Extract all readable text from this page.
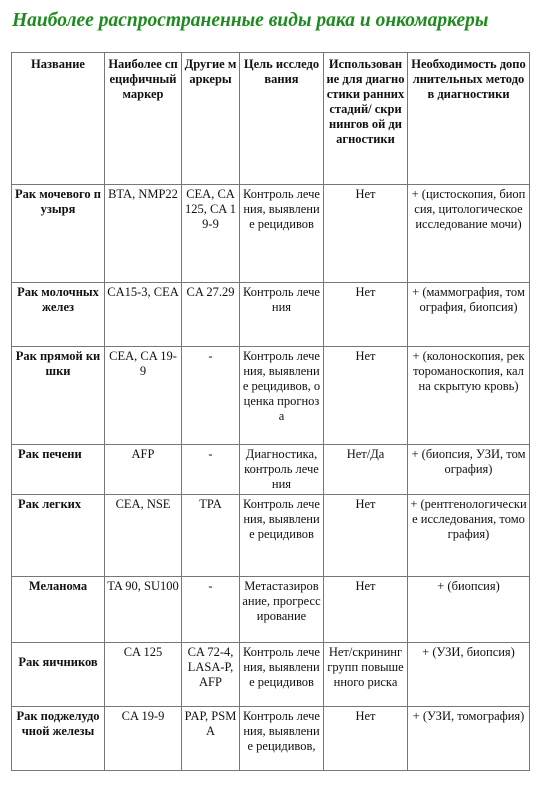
Наиболее распространенные виды рака и онкомаркеры
Название	Наиболее специфичный маркер	Другие маркеры	Цель исследования	Использование для диагностики ранних стадий/ скринингов ой диагностики	Необходимость дополнительных методов диагностики
Рак мочевого пузыря	BTA, NMP22	CEA, CA 125, CA 19-9	Контроль лечения, выявление рецидивов	Нет	+ (цистоскопия, биопсия, цитологическое исследование мочи)
Рак молочных желез	CA15-3, CEA	CA 27.29	Контроль лечения	Нет	+ (маммография, томография, биопсия)
Рак прямой кишки	CEA, CA 19-9	-	Контроль лечения, выявление рецидивов, оценка прогноза	Нет	+ (колоноскопия, ректороманоскопия, кал на скрытую кровь)
Рак печени	AFP	-	Диагностика, контроль лечения	Нет/Да	+ (биопсия, УЗИ, томография)
Рак легких	CEA, NSE	TPA	Контроль лечения, выявление рецидивов	Нет	+ (рентгенологические исследования, томография)
Меланома	TA 90, SU100	-	Метастазирование, прогрессирование	Нет	+ (биопсия)
Рак яичников	CA 125	CA 72-4, LASA-P, AFP	Контроль лечения, выявление рецидивов	Нет/скрининг групп повышенного риска	+ (УЗИ, биопсия)
Рак поджелудочной железы	CA 19-9	PAP, PSMA	Контроль лечения, выявление рецидивов,	Нет	+ (УЗИ, томография)
